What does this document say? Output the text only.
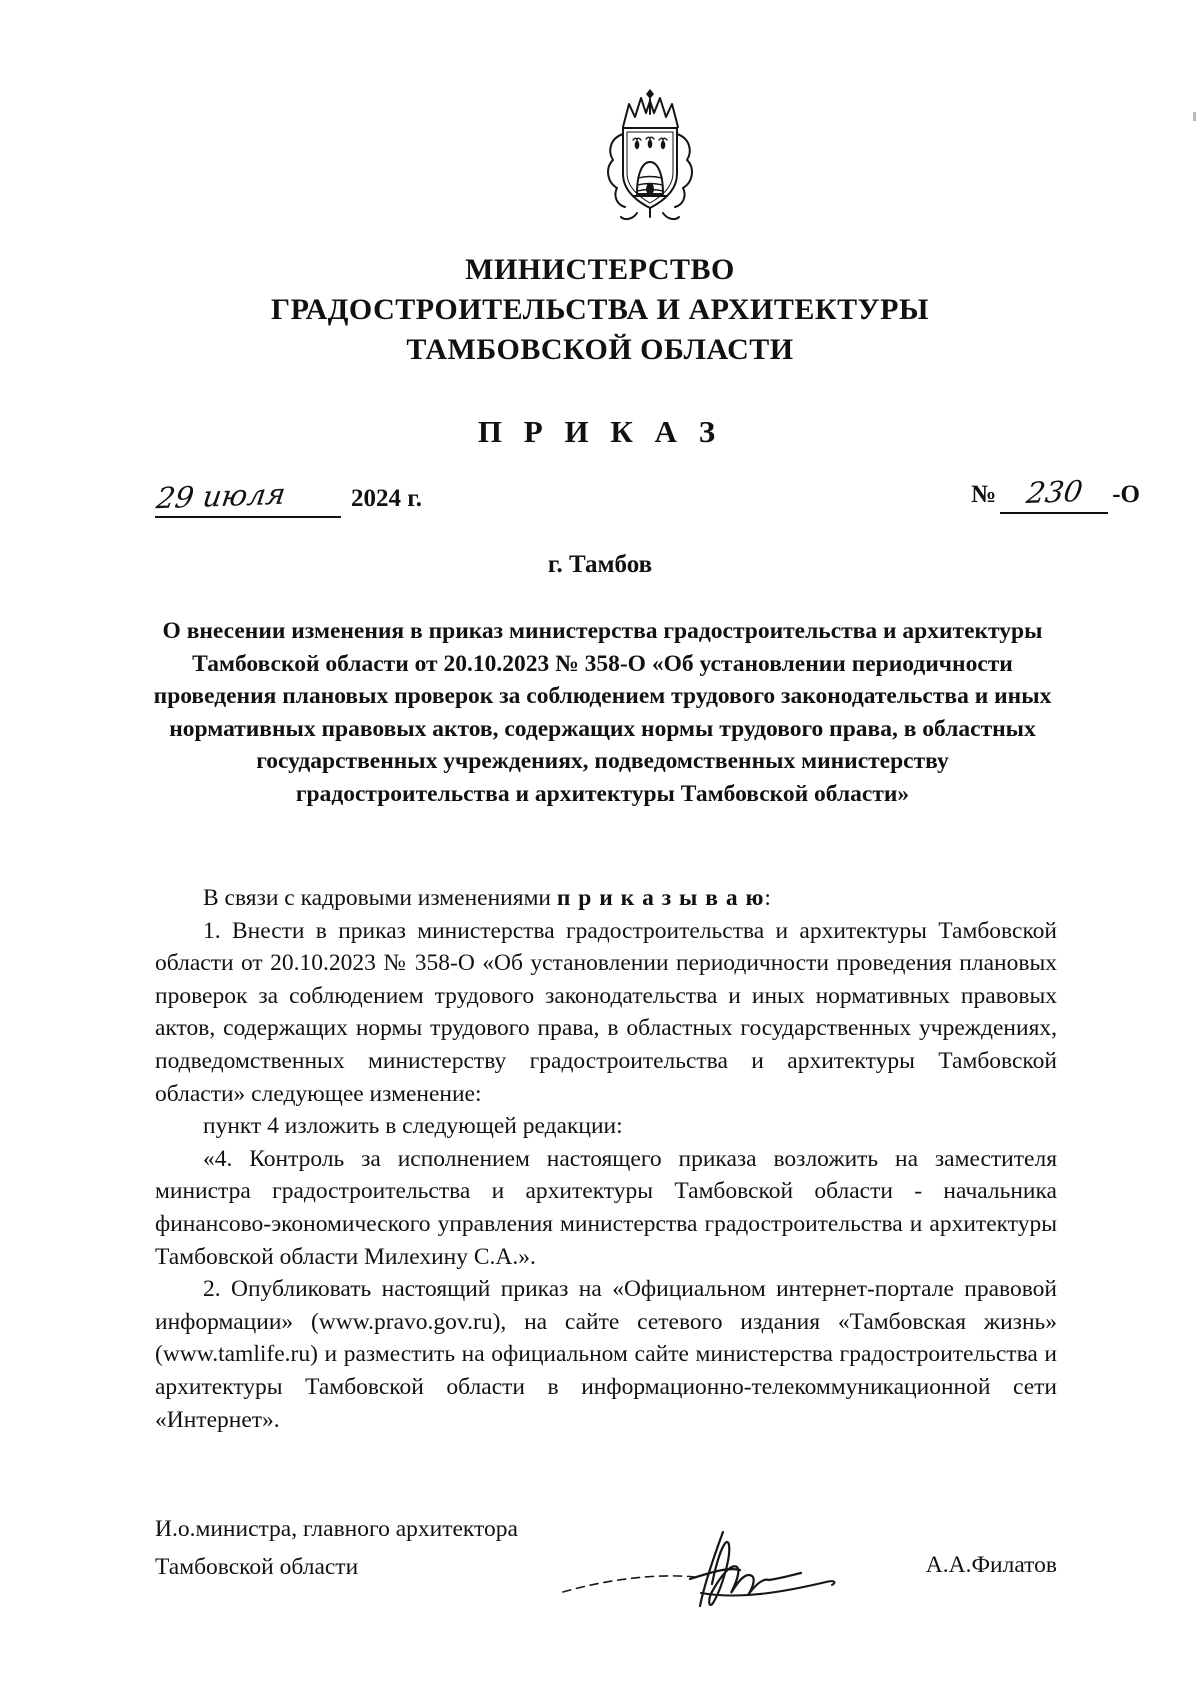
МИНИСТЕРСТВО
ГРАДОСТРОИТЕЛЬСТВА И АРХИТЕКТУРЫ
ТАМБОВСКОЙ ОБЛАСТИ
П Р И К А З
29 июля	2024 г.	№ 230 -О
г. Тамбов
О внесении изменения в приказ министерства градостроительства и архитектуры Тамбовской области от 20.10.2023 № 358-О «Об установлении периодичности проведения плановых проверок за соблюдением трудового законодательства и иных нормативных правовых актов, содержащих нормы трудового права, в областных государственных учреждениях, подведомственных министерству градостроительства и архитектуры Тамбовской области»

В связи с кадровыми изменениями п р и к а з ы в а ю:

1. Внести в приказ министерства градостроительства и архитектуры Тамбовской области от 20.10.2023 № 358-О «Об установлении периодичности проведения плановых проверок за соблюдением трудового законодательства и иных нормативных правовых актов, содержащих нормы трудового права, в областных государственных учреждениях, подведомственных министерству градостроительства и архитектуры Тамбовской области» следующее изменение:

пункт 4 изложить в следующей редакции:

«4. Контроль за исполнением настоящего приказа возложить на заместителя министра градостроительства и архитектуры Тамбовской области - начальника финансово-экономического управления министерства градостроительства и архитектуры Тамбовской области Милехину С.А.».

2. Опубликовать настоящий приказ на «Официальном интернет-портале правовой информации» (www.pravo.gov.ru), на сайте сетевого издания «Тамбовская жизнь» (www.tamlife.ru) и разместить на официальном сайте министерства градостроительства и архитектуры Тамбовской области в информационно-телекоммуникационной сети «Интернет».

И.о.министра, главного архитектора
Тамбовской области	А.А.Филатов
